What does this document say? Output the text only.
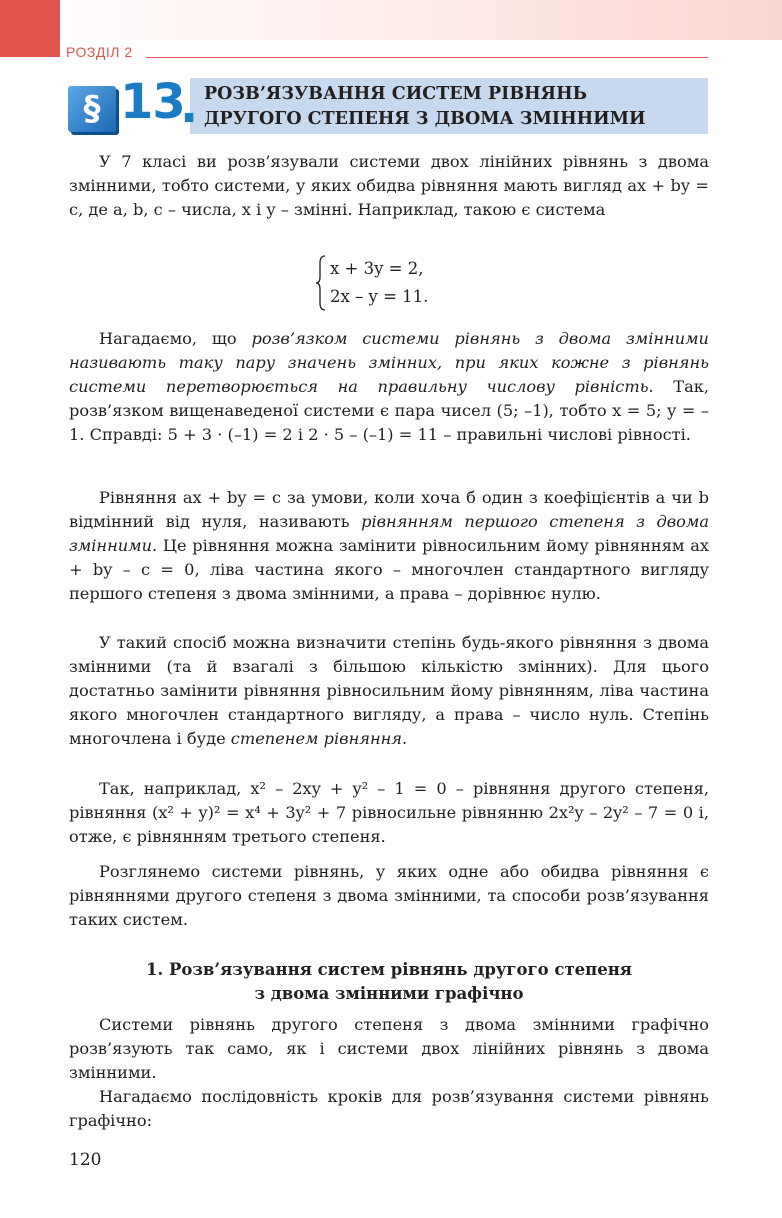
РОЗДІЛ 2
§ 13
. РОЗВ’ЯЗУВАННЯ СИСТЕМ РІВНЯНЬ
ДРУГОГО СТЕПЕНЯ З ДВОМА ЗМІННИМИ

У 7 класі ви розв’язували системи двох лінійних рівнянь з двома змінними, тобто системи, у яких обидва рівняння мають вигляд ax + by = c, де a, b, c – числа, x і y – змінні. Наприклад, такою є система

x + 3y = 2,
2x – y = 11.

Нагадаємо, що розв’язком системи рівнянь з двома змінними називають таку пару значень змінних, при яких кожне з рівнянь системи перетворюється на правильну числову рівність. Так, розв’язком вищенаведеної системи є пара чисел (5; –1), тобто x = 5; y = –1. Справді: 5 + 3 · (–1) = 2 і 2 · 5 – (–1) = 11 – правильні числові рівності.

Рівняння ax + by = c за умови, коли хоча б один з коефіцієнтів a чи b відмінний від нуля, називають рівнянням першого степеня з двома змінними. Це рівняння можна замінити рівносильним йому рівнянням ax + by – c = 0, ліва частина якого – многочлен стандартного вигляду першого степеня з двома змінними, а права – дорівнює нулю.

У такий спосіб можна визначити степінь будь-якого рівняння з двома змінними (та й взагалі з більшою кількістю змінних). Для цього достатньо замінити рівняння рівносильним йому рівнянням, ліва частина якого многочлен стандартного вигляду, а права – число нуль. Степінь многочлена і буде степенем рівняння.

Так, наприклад, x² – 2xy + y² – 1 = 0 – рівняння другого степеня, рівняння (x² + y)² = x⁴ + 3y² + 7 рівносильне рівнянню 2x²y – 2y² – 7 = 0 і, отже, є рівнянням третього степеня.

Розглянемо системи рівнянь, у яких одне або обидва рівняння є рівняннями другого степеня з двома змінними, та способи розв’язування таких систем.

1. Розв’язування систем рівнянь другого степеня
з двома змінними графічно

Системи рівнянь другого степеня з двома змінними графічно розв’язують так само, як і системи двох лінійних рівнянь з двома змінними.

Нагадаємо послідовність кроків для розв’язування системи рівнянь графічно:

120
